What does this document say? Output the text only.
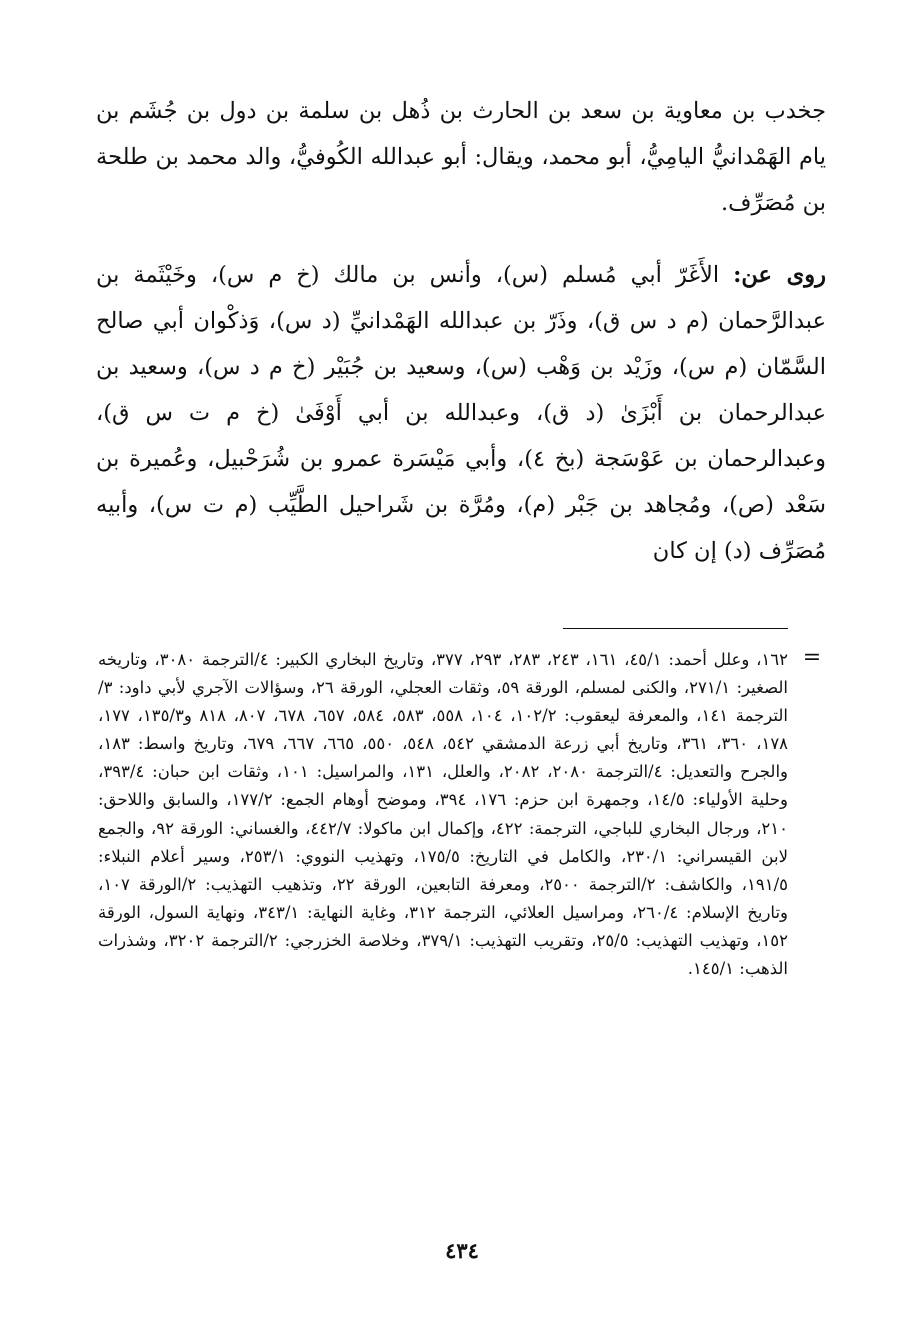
جخدب بن معاوية بن سعد بن الحارث بن ذُهل بن سلمة بن دول بن جُشَم بن يام الهَمْدانيُّ اليامِيُّ، أبو محمد، ويقال: أبو عبدالله الكُوفيُّ، والد محمد بن طلحة بن مُصَرِّف.

روى عن: الأَغَرّ أبي مُسلم (س)، وأنس بن مالك (خ م س)، وخَيْثَمة بن عبدالرَّحمان (م د س ق)، وذَرّ بن عبدالله الهَمْدانيِّ (د س)، وَذكْوان أبي صالح السَّمّان (م س)، وزَيْد بن وَهْب (س)، وسعيد بن جُبَيْر (خ م د س)، وسعيد بن عبدالرحمان بن أَبْزَىٰ (د ق)، وعبدالله بن أبي أَوْفَىٰ (خ م ت س ق)، وعبدالرحمان بن عَوْسَجة (بخ ٤)، وأبي مَيْسَرة عمرو بن شُرَحْبيل، وعُميرة بن سَعْد (ص)، ومُجاهد بن جَبْر (م)، ومُرَّة بن شَراحيل الطَّيِّب (م ت س)، وأبيه مُصَرِّف (د) إن كان

=

١٦٢، وعلل أحمد: ٤٥/١، ١٦١، ٢٤٣، ٢٨٣، ٢٩٣، ٣٧٧، وتاريخ البخاري الكبير: ٤/الترجمة ٣٠٨٠، وتاريخه الصغير: ٢٧١/١، والكنى لمسلم، الورقة ٥٩، وثقات العجلي، الورقة ٢٦، وسؤالات الآجري لأبي داود: ٣/الترجمة ١٤١، والمعرفة ليعقوب: ١٠٢/٢، ١٠٤، ٥٥٨، ٥٨٣، ٥٨٤، ٦٥٧، ٦٧٨، ٨٠٧، ٨١٨ و١٣٥/٣، ١٧٧، ١٧٨، ٣٦٠، ٣٦١، وتاريخ أبي زرعة الدمشقي ٥٤٢، ٥٤٨، ٥٥٠، ٦٦٥، ٦٦٧، ٦٧٩، وتاريخ واسط: ١٨٣، والجرح والتعديل: ٤/الترجمة ٢٠٨٠، ٢٠٨٢، والعلل، ١٣١، والمراسيل: ١٠١، وثقات ابن حبان: ٣٩٣/٤، وحلية الأولياء: ١٤/٥، وجمهرة ابن حزم: ١٧٦، ٣٩٤، وموضح أوهام الجمع: ١٧٧/٢، والسابق واللاحق: ٢١٠، ورجال البخاري للباجي، الترجمة: ٤٢٢، وإكمال ابن ماكولا: ٤٤٢/٧، والغساني: الورقة ٩٢، والجمع لابن القيسراني: ٢٣٠/١، والكامل في التاريخ: ١٧٥/٥، وتهذيب النووي: ٢٥٣/١، وسير أعلام النبلاء: ١٩١/٥، والكاشف: ٢/الترجمة ٢٥٠٠، ومعرفة التابعين، الورقة ٢٢، وتذهيب التهذيب: ٢/الورقة ١٠٧، وتاريخ الإسلام: ٢٦٠/٤، ومراسيل العلائي، الترجمة ٣١٢، وغاية النهاية: ٣٤٣/١، ونهاية السول، الورقة ١٥٢، وتهذيب التهذيب: ٢٥/٥، وتقريب التهذيب: ٣٧٩/١، وخلاصة الخزرجي: ٢/الترجمة ٣٢٠٢، وشذرات الذهب: ١٤٥/١.

٤٣٤
